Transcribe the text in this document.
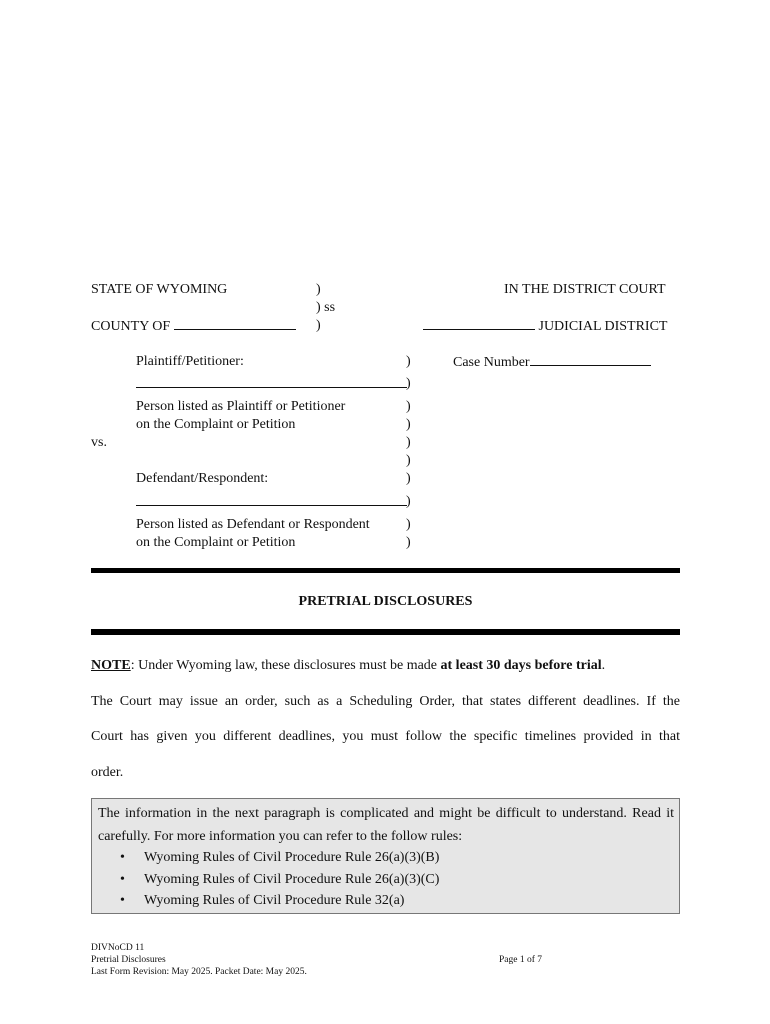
STATE OF WYOMING	)
) ss
)
COUNTY OF
IN THE DISTRICT COURT
JUDICIAL DISTRICT
Plaintiff/Petitioner:
Person listed as Plaintiff or Petitioner
on the Complaint or Petition
vs.
Defendant/Respondent:
Person listed as Defendant or Respondent
on the Complaint or Petition
)
)
)
)
)
)
)
)
)
)
Case Number
PRETRIAL DISCLOSURES
NOTE: Under Wyoming law, these disclosures must be made at least 30 days before trial.
The Court may issue an order, such as a Scheduling Order, that states different deadlines. If the
Court has given you different deadlines, you must follow the specific timelines provided in that
order.
The information in the next paragraph is complicated and might be difficult to understand. Read it carefully. For more information you can refer to the follow rules:
• Wyoming Rules of Civil Procedure Rule 26(a)(3)(B)
• Wyoming Rules of Civil Procedure Rule 26(a)(3)(C)
• Wyoming Rules of Civil Procedure Rule 32(a)
DIVNoCD 11
Pretrial Disclosures
Last Form Revision: May 2025. Packet Date: May 2025.
Page 1 of 7
